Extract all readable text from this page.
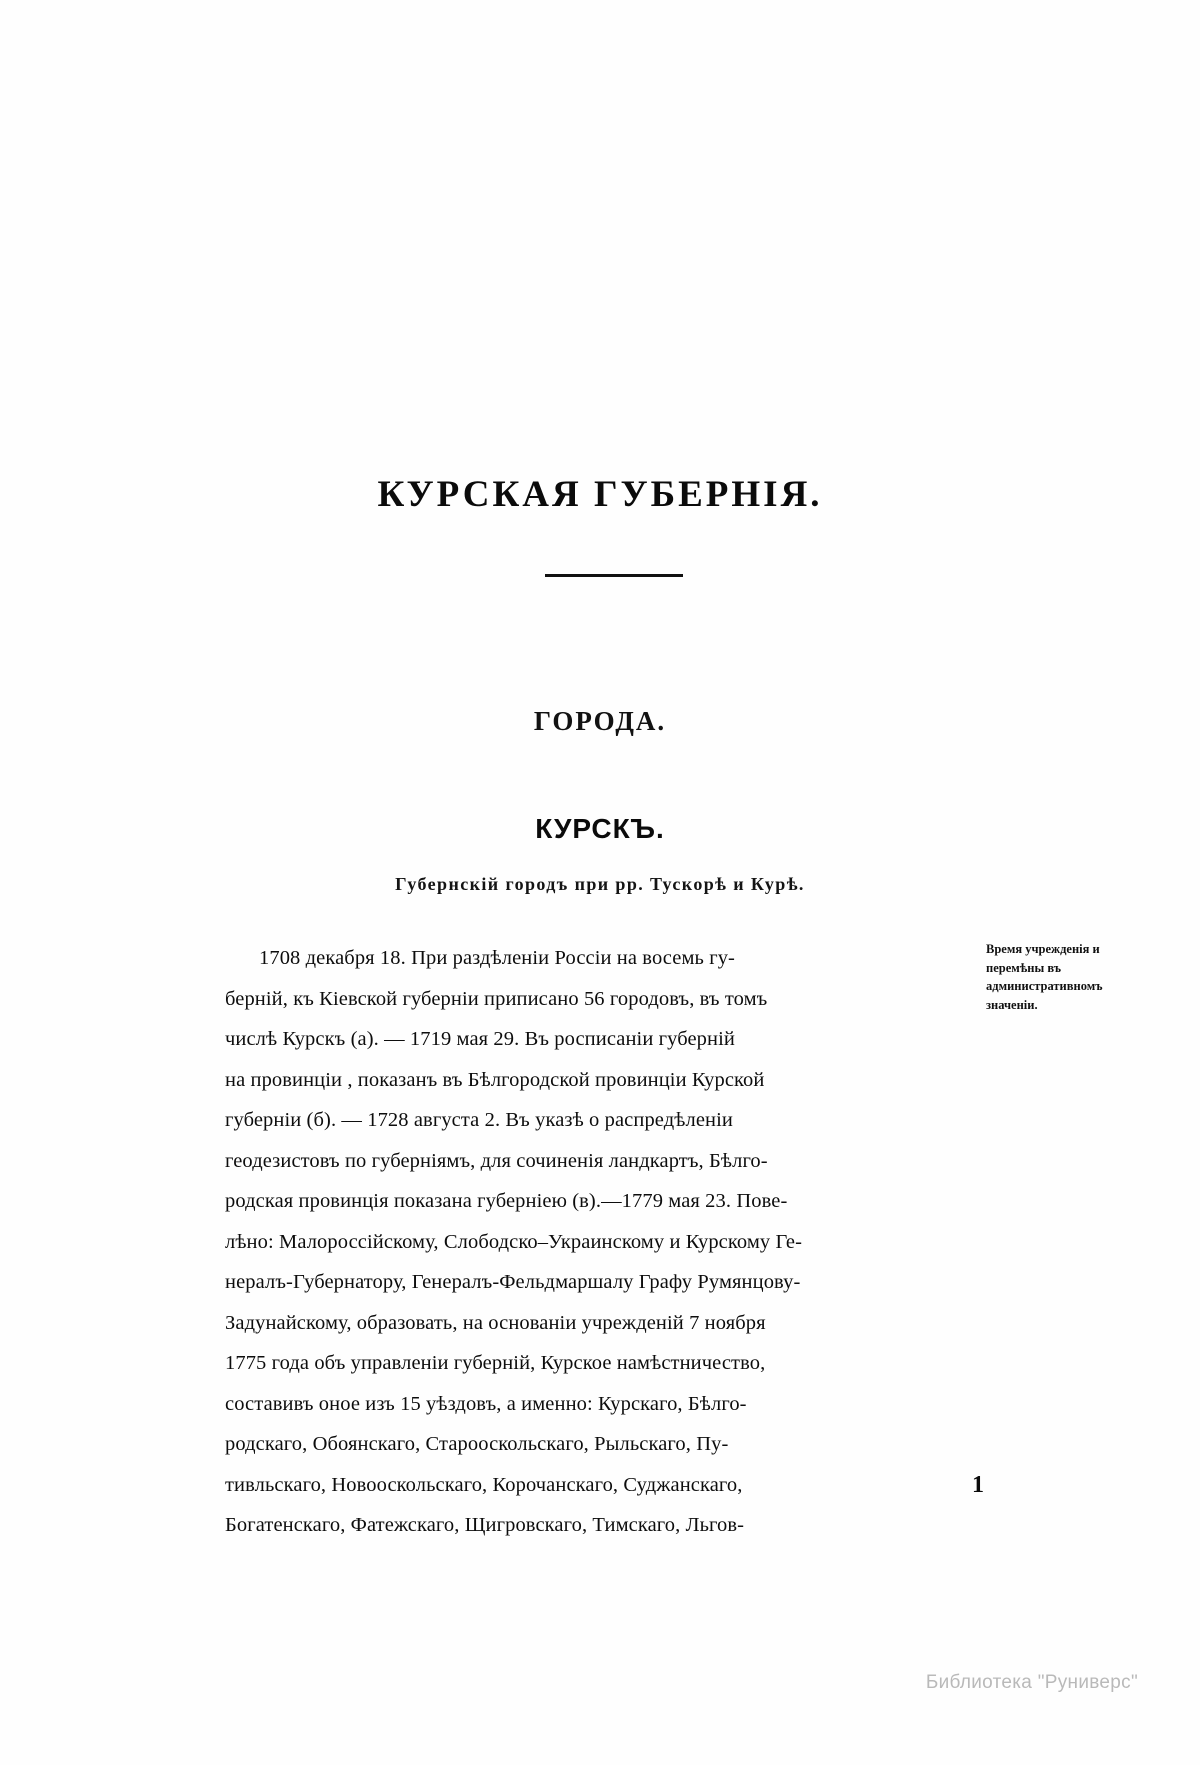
КУРСКАЯ ГУБЕРНІЯ.
ГОРОДА.
КУРСКЪ.
Губернскій городъ при рр. Тускорѣ и Курѣ.
1708 декабря 18. При раздѣленіи Россіи на восемь гу-
берній, къ Кіевской губерніи приписано 56 городовъ, въ томъ
числѣ Курскъ (а). — 1719 мая 29. Въ росписаніи губерній
на провинціи , показанъ въ Бѣлгородской провинціи Курской
губерніи (б). — 1728 августа 2. Въ указѣ о распредѣленіи
геодезистовъ по губерніямъ, для сочиненія ландкартъ, Бѣлго-
родская провинція показана губерніею (в).—1779 мая 23. Пове-
лѣно: Малороссійскому, Слободско–Украинскому и Курскому Ге-
нералъ-Губернатору, Генералъ-Фельдмаршалу Графу Румянцову-
Задунайскому, образовать, на основаніи учрежденій 7 ноября
1775 года объ управленіи губерній, Курское намѣстничество,
составивъ оное изъ 15 уѣздовъ, а именно: Курскаго, Бѣлго-
родскаго, Обоянскаго, Старооскольскаго, Рыльскаго, Пу-
тивльскаго, Новооскольскаго, Корочанскаго, Суджанскаго,
Богатенскаго, Фатежскаго, Щигровскаго, Тимскаго, Льгов-
Время учрежденія и перемѣны въ административномъ значеніи.
1
Библиотека "Руниверс"
